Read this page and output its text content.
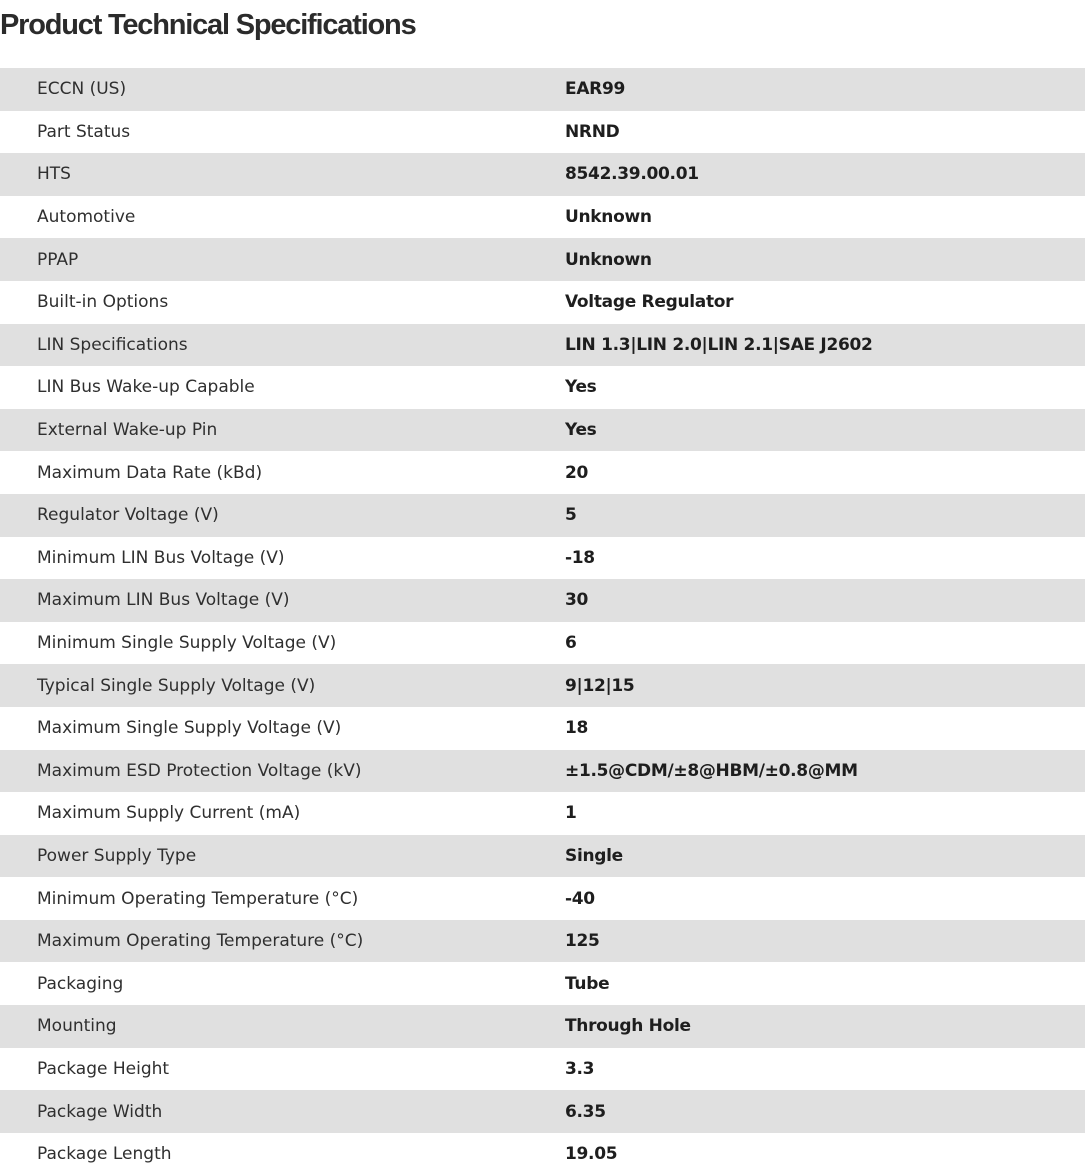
Product Technical Specifications
ECCN (US)	EAR99
Part Status	NRND
HTS	8542.39.00.01
Automotive	Unknown
PPAP	Unknown
Built-in Options	Voltage Regulator
LIN Specifications	LIN 1.3|LIN 2.0|LIN 2.1|SAE J2602
LIN Bus Wake-up Capable	Yes
External Wake-up Pin	Yes
Maximum Data Rate (kBd)	20
Regulator Voltage (V)	5
Minimum LIN Bus Voltage (V)	-18
Maximum LIN Bus Voltage (V)	30
Minimum Single Supply Voltage (V)	6
Typical Single Supply Voltage (V)	9|12|15
Maximum Single Supply Voltage (V)	18
Maximum ESD Protection Voltage (kV)	±1.5@CDM/±8@HBM/±0.8@MM
Maximum Supply Current (mA)	1
Power Supply Type	Single
Minimum Operating Temperature (°C)	-40
Maximum Operating Temperature (°C)	125
Packaging	Tube
Mounting	Through Hole
Package Height	3.3
Package Width	6.35
Package Length	19.05
